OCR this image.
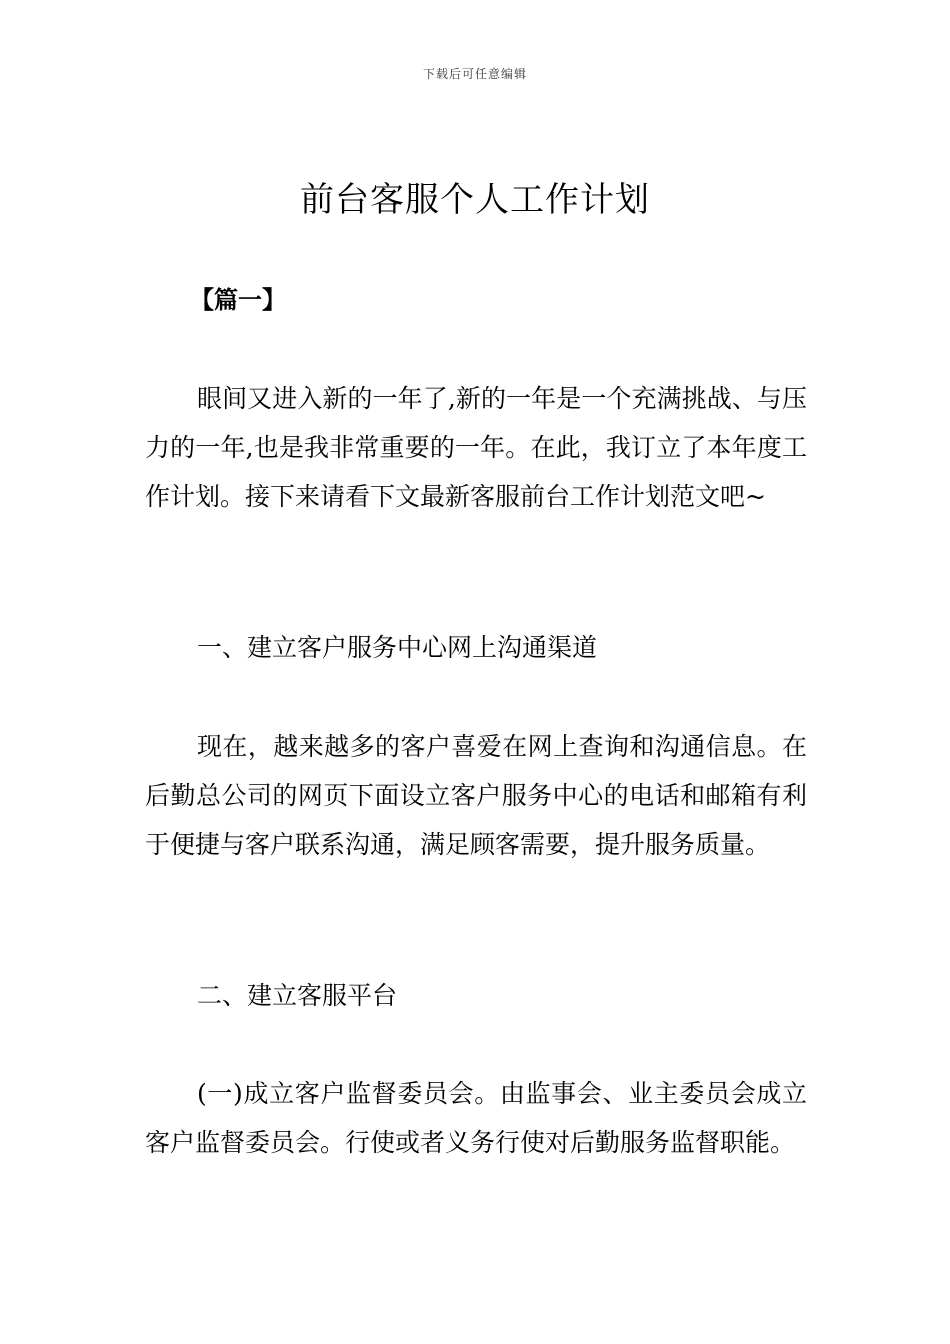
下载后可任意编辑
前台客服个人工作计划
【篇一】

眼间又进入新的一年了,新的一年是一个充满挑战、与压力的一年,也是我非常重要的一年。在此，我订立了本年度工作计划。接下来请看下文最新客服前台工作计划范文吧~

一、建立客户服务中心网上沟通渠道

现在，越来越多的客户喜爱在网上查询和沟通信息。在后勤总公司的网页下面设立客户服务中心的电话和邮箱有利于便捷与客户联系沟通，满足顾客需要，提升服务质量。

二、建立客服平台

(一)成立客户监督委员会。由监事会、业主委员会成立客户监督委员会。行使或者义务行使对后勤服务监督职能。
